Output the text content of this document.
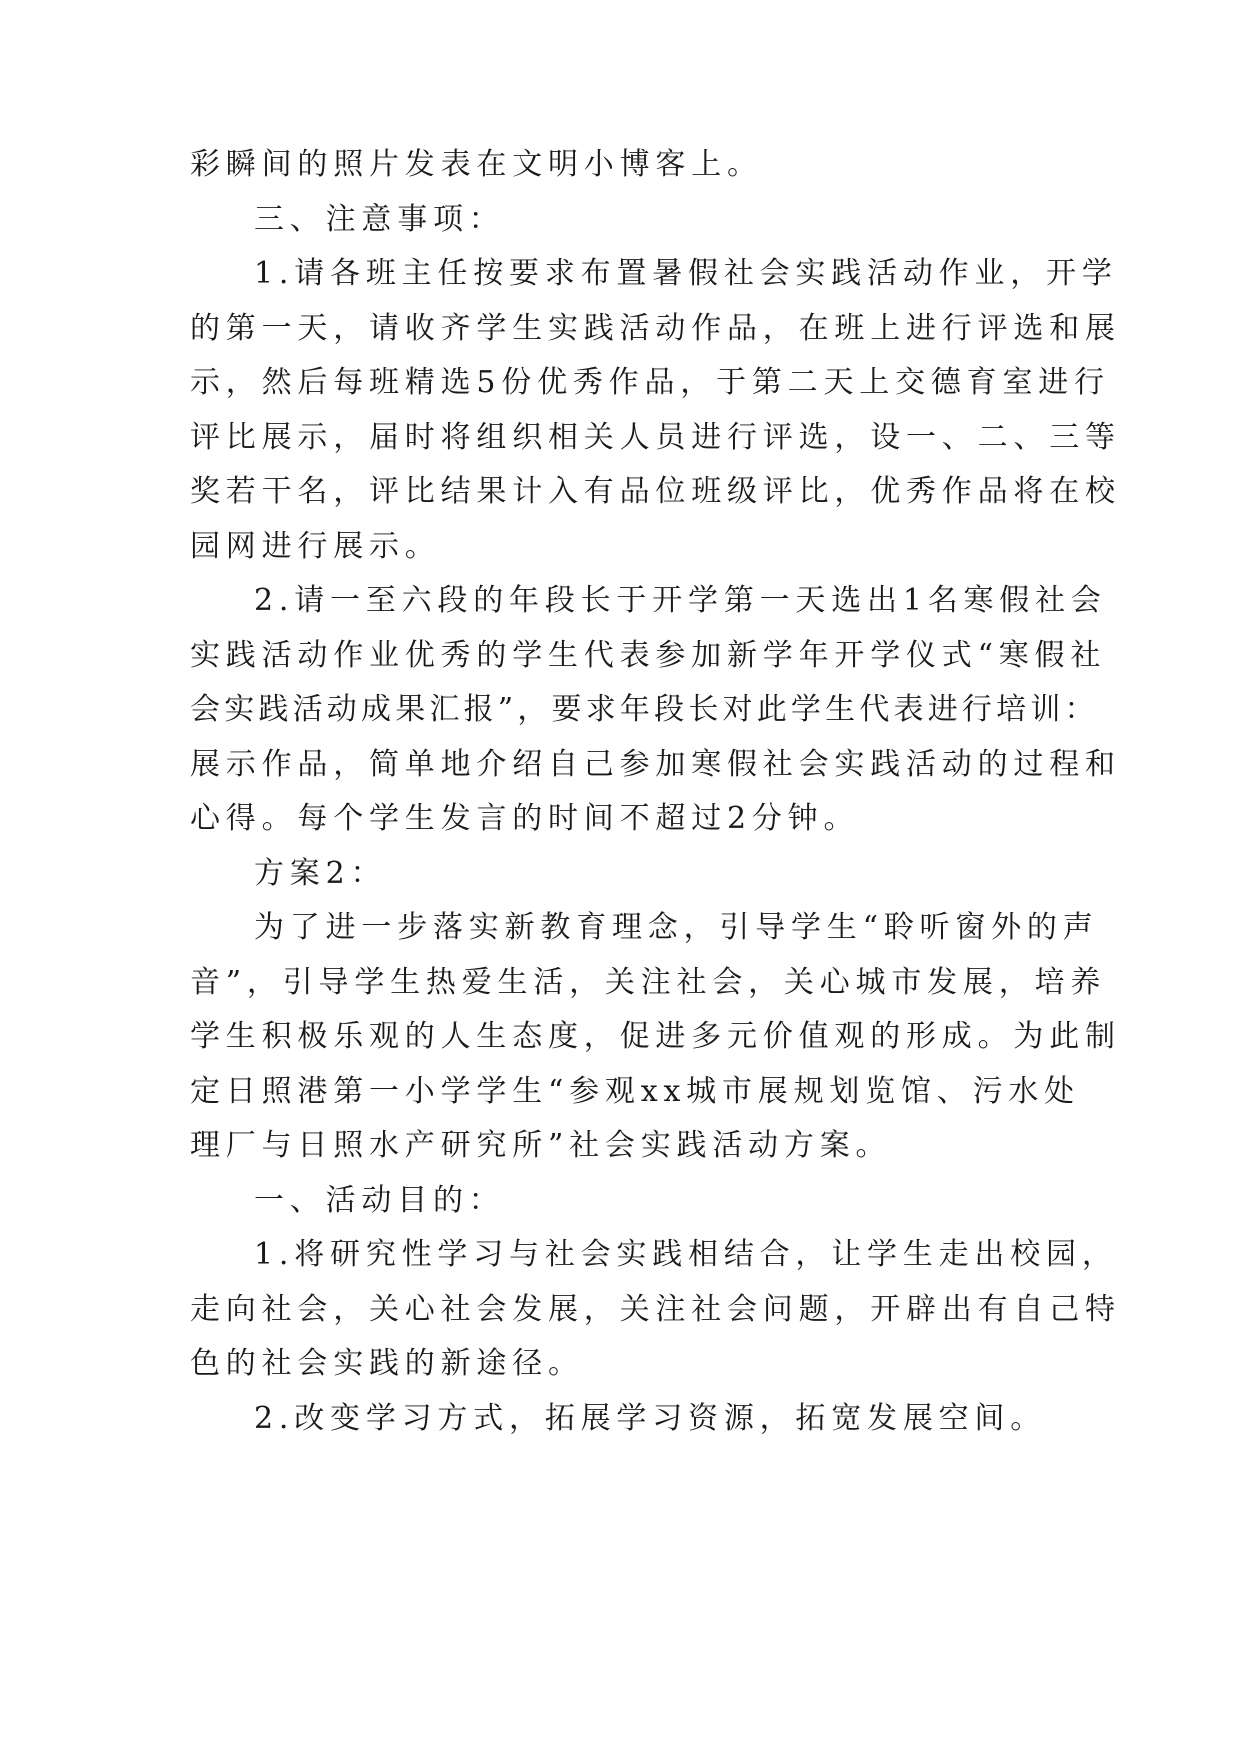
彩瞬间的照片发表在文明小博客上。
三、注意事项：
1.请各班主任按要求布置暑假社会实践活动作业，开学
的第一天，请收齐学生实践活动作品，在班上进行评选和展
示，然后每班精选5份优秀作品，于第二天上交德育室进行
评比展示，届时将组织相关人员进行评选，设一、二、三等
奖若干名，评比结果计入有品位班级评比，优秀作品将在校
园网进行展示。
2.请一至六段的年段长于开学第一天选出1名寒假社会
实践活动作业优秀的学生代表参加新学年开学仪式“寒假社
会实践活动成果汇报”，要求年段长对此学生代表进行培训：
展示作品，简单地介绍自己参加寒假社会实践活动的过程和
心得。每个学生发言的时间不超过2分钟。
方案2：
为了进一步落实新教育理念，引导学生“聆听窗外的声
音”，引导学生热爱生活，关注社会，关心城市发展，培养
学生积极乐观的人生态度，促进多元价值观的形成。为此制
定日照港第一小学学生“参观xx城市展规划览馆、污水处
理厂与日照水产研究所”社会实践活动方案。
一、活动目的：
1.将研究性学习与社会实践相结合，让学生走出校园，
走向社会，关心社会发展，关注社会问题，开辟出有自己特
色的社会实践的新途径。
2.改变学习方式，拓展学习资源，拓宽发展空间。
